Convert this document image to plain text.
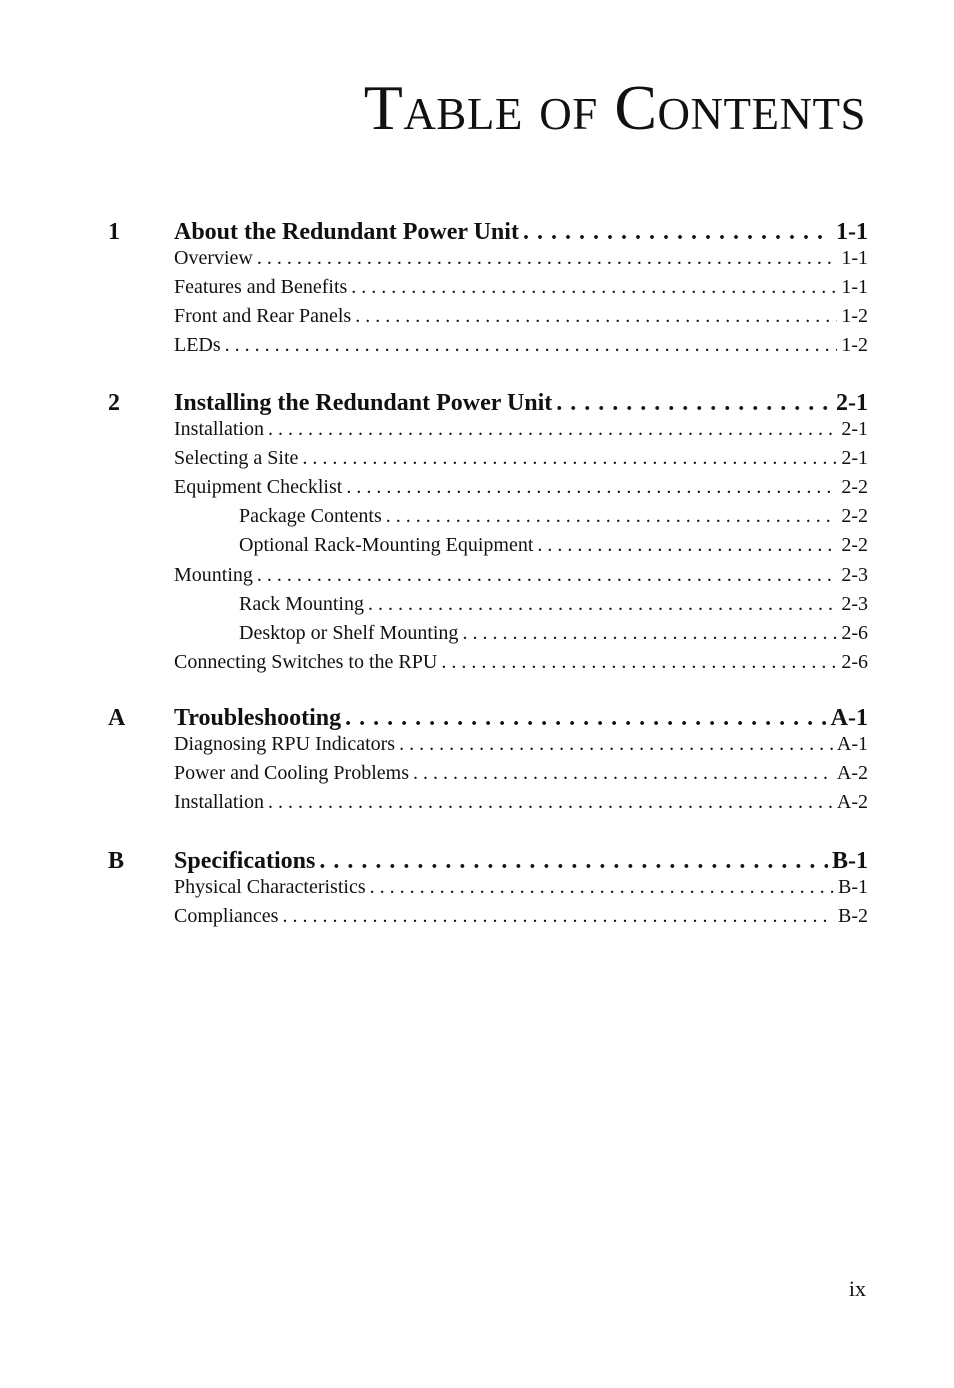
Table of Contents
1	About the Redundant Power Unit . . .	1-1
Overview . . .	1-1
Features and Benefits . . .	1-1
Front and Rear Panels . . .	1-2
LEDs . . .	1-2
2	Installing the Redundant Power Unit . . .	2-1
Installation . . .	2-1
Selecting a Site . . .	2-1
Equipment Checklist . . .	2-2
Package Contents . . .	2-2
Optional Rack-Mounting Equipment . . .	2-2
Mounting . . .	2-3
Rack Mounting . . .	2-3
Desktop or Shelf Mounting . . .	2-6
Connecting Switches to the RPU . . .	2-6
A	Troubleshooting . . .	A-1
Diagnosing RPU Indicators . . .	A-1
Power and Cooling Problems . . .	A-2
Installation . . .	A-2
B	Specifications . . .	B-1
Physical Characteristics . . .	B-1
Compliances . . .	B-2

ix
